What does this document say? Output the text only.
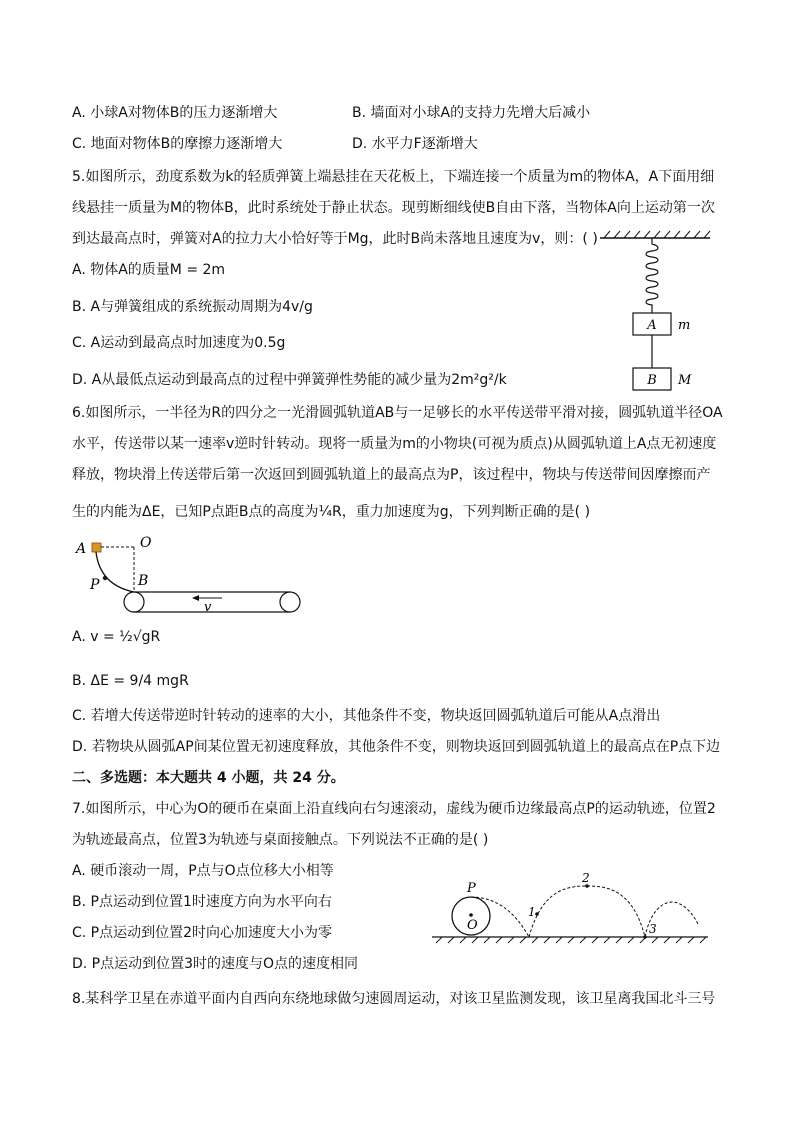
A. 小球A对物体B的压力逐渐增大	B. 墙面对小球A的支持力先增大后减小
C. 地面对物体B的摩擦力逐渐增大	D. 水平力F逐渐增大
5.如图所示，劲度系数为k的轻质弹簧上端悬挂在天花板上，下端连接一个质量为m的物体A，A下面用细
线悬挂一质量为M的物体B，此时系统处于静止状态。现剪断细线使B自由下落，当物体A向上运动第一次
到达最高点时，弹簧对A的拉力大小恰好等于Mg，此时B尚未落地且速度为v，则：( )
A. 物体A的质量M = 2m
B. A与弹簧组成的系统振动周期为4v/g
C. A运动到最高点时加速度为0.5g
D. A从最低点运动到最高点的过程中弹簧弹性势能的减少量为2m²g²/k
A m
B M
6.如图所示，一半径为R的四分之一光滑圆弧轨道AB与一足够长的水平传送带平滑对接，圆弧轨道半径OA
水平，传送带以某一速率v逆时针转动。现将一质量为m的小物块(可视为质点)从圆弧轨道上A点无初速度
释放，物块滑上传送带后第一次返回到圆弧轨道上的最高点为P，该过程中，物块与传送带间因摩擦而产
生的内能为ΔE，已知P点距B点的高度为¼R，重力加速度为g，下列判断正确的是( )
A	O
P	B
v
A. v = ½√gR
B. ΔE = 9/4 mgR
C. 若增大传送带逆时针转动的速率的大小，其他条件不变，物块返回圆弧轨道后可能从A点滑出
D. 若物块从圆弧AP间某位置无初速度释放，其他条件不变，则物块返回到圆弧轨道上的最高点在P点下边
二、多选题：本大题共 4 小题，共 24 分。
7.如图所示，中心为O的硬币在桌面上沿直线向右匀速滚动，虚线为硬币边缘最高点P的运动轨迹，位置2
为轨迹最高点，位置3为轨迹与桌面接触点。下列说法不正确的是( )
A. 硬币滚动一周，P点与O点位移大小相等
B. P点运动到位置1时速度方向为水平向右
C. P点运动到位置2时向心加速度大小为零
D. P点运动到位置3时的速度与O点的速度相同
O
P
1
2
3
8.某科学卫星在赤道平面内自西向东绕地球做匀速圆周运动，对该卫星监测发现，该卫星离我国北斗三号
